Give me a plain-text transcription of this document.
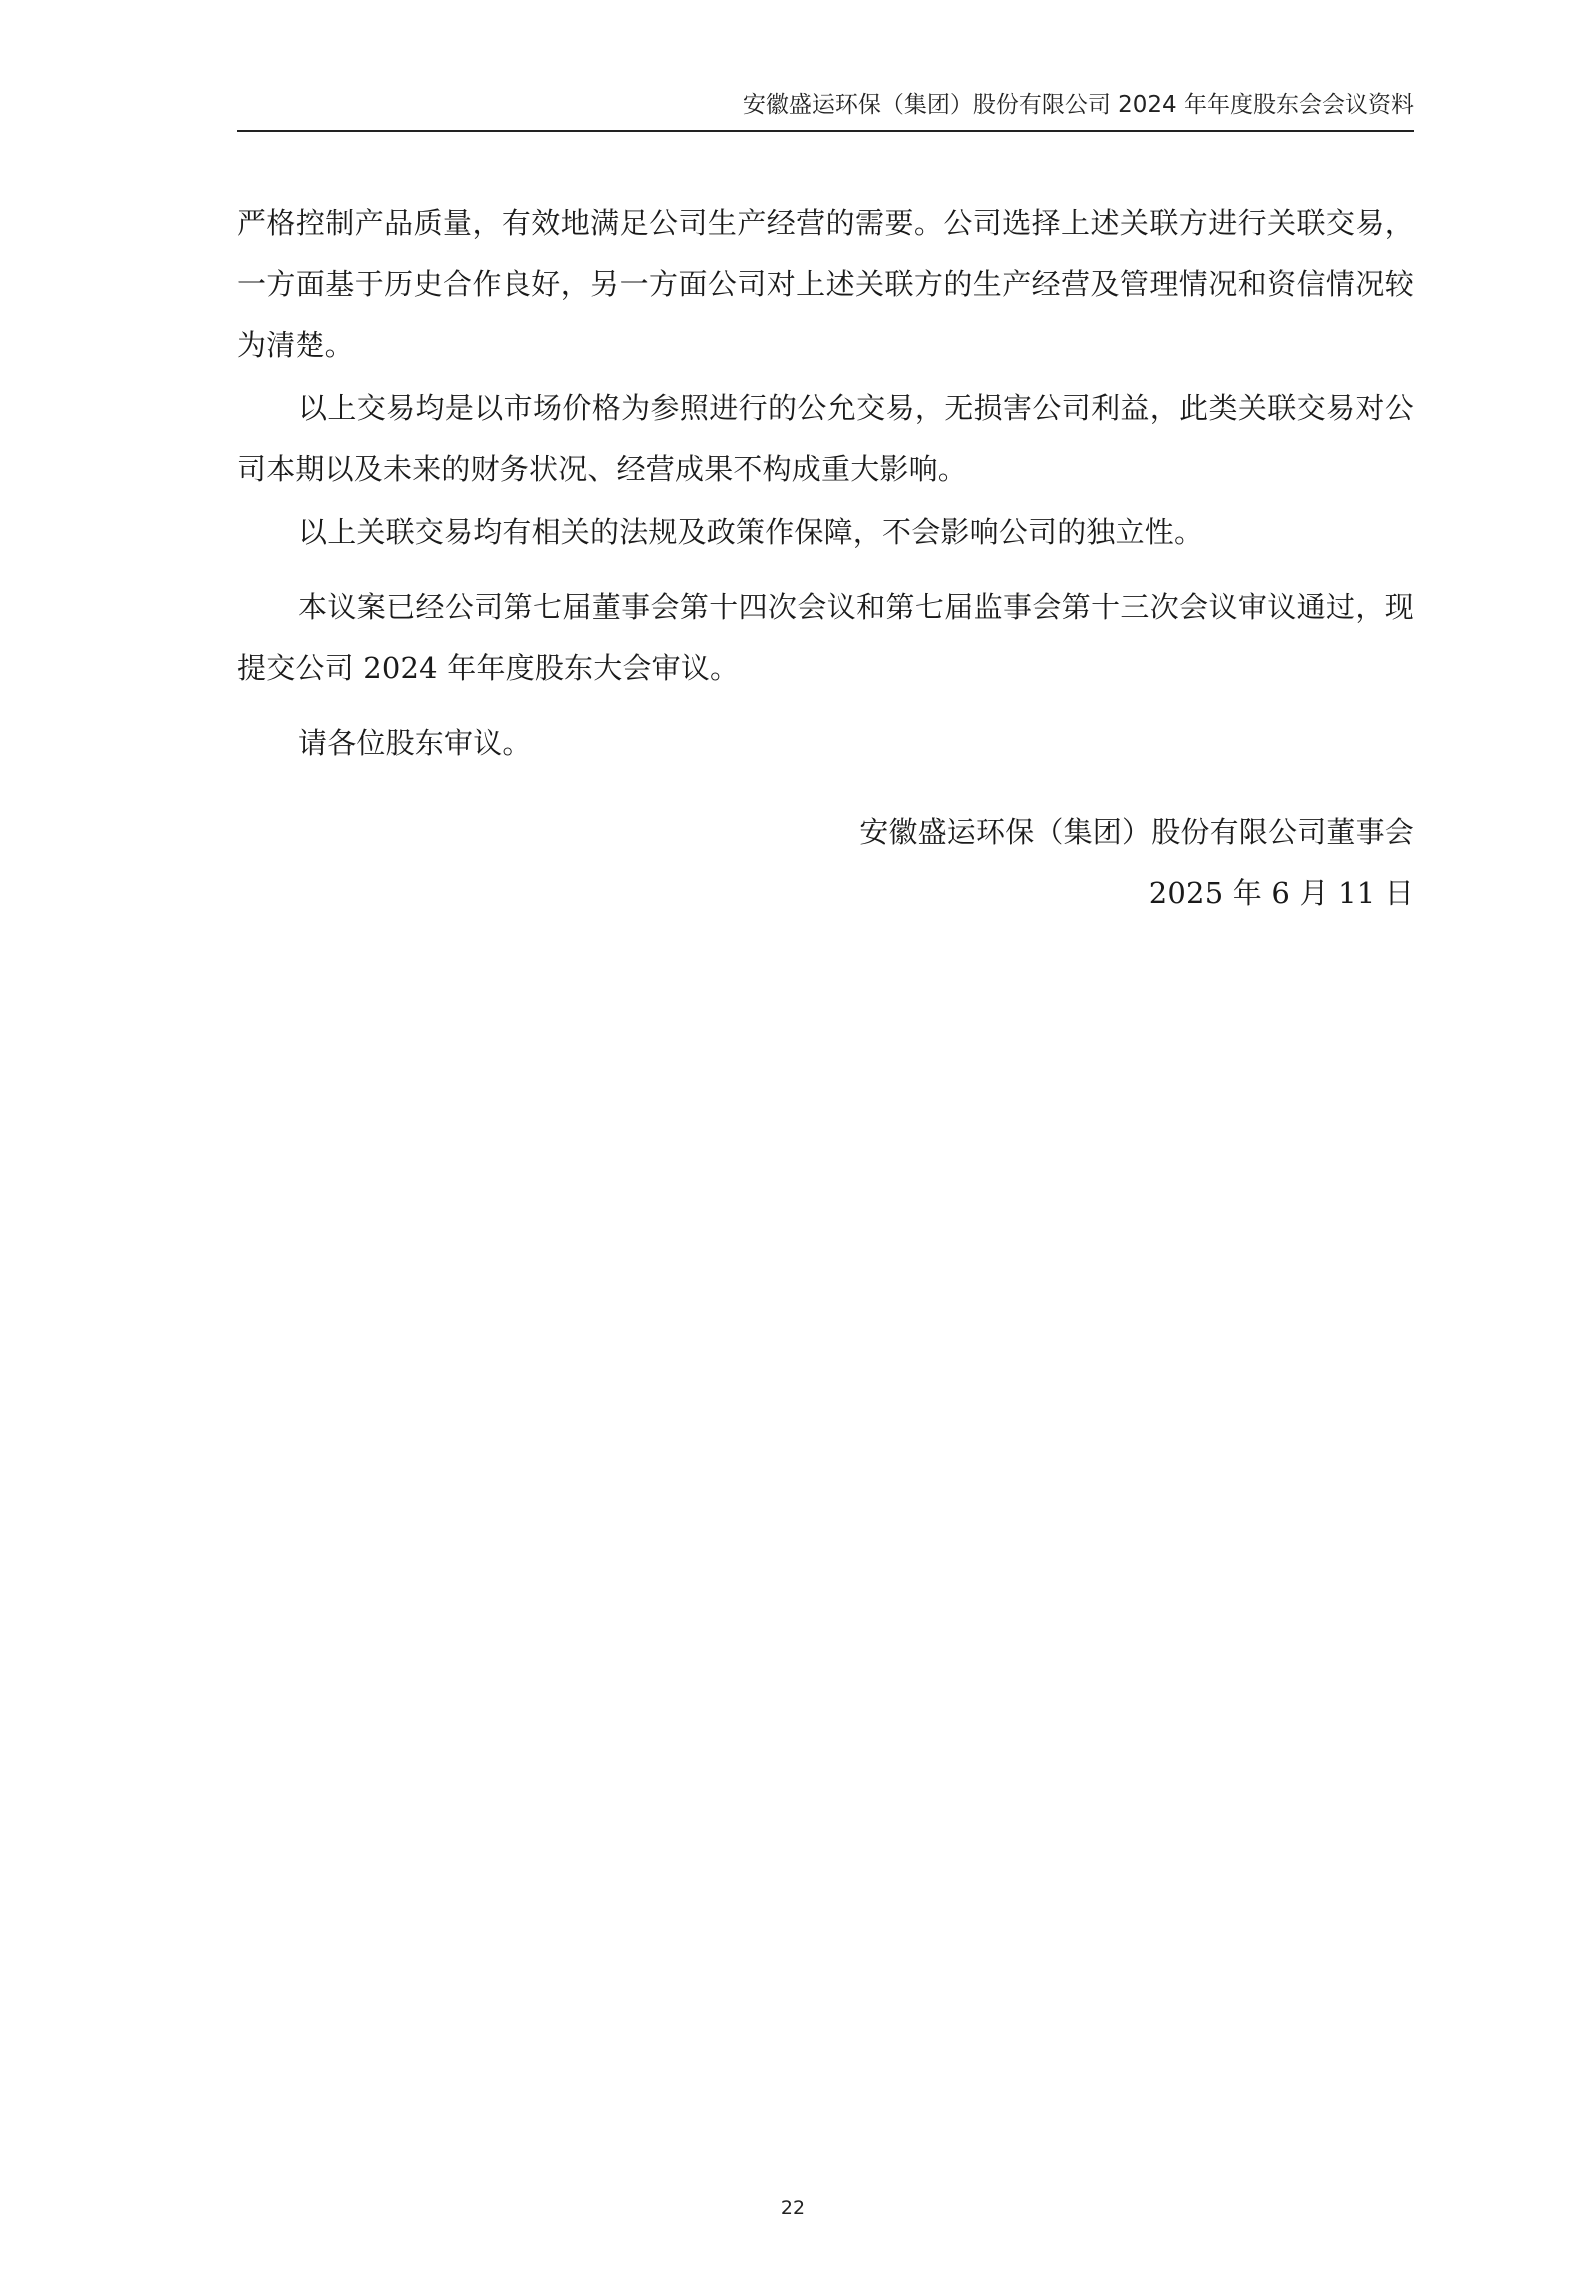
安徽盛运环保（集团）股份有限公司 2024 年年度股东会会议资料

严格控制产品质量，有效地满足公司生产经营的需要。公司选择上述关联方进行关联交易，一方面基于历史合作良好，另一方面公司对上述关联方的生产经营及管理情况和资信情况较为清楚。

以上交易均是以市场价格为参照进行的公允交易，无损害公司利益，此类关联交易对公司本期以及未来的财务状况、经营成果不构成重大影响。

以上关联交易均有相关的法规及政策作保障，不会影响公司的独立性。

本议案已经公司第七届董事会第十四次会议和第七届监事会第十三次会议审议通过，现提交公司 2024 年年度股东大会审议。

请各位股东审议。

安徽盛运环保（集团）股份有限公司董事会

2025 年 6 月 11 日

22
